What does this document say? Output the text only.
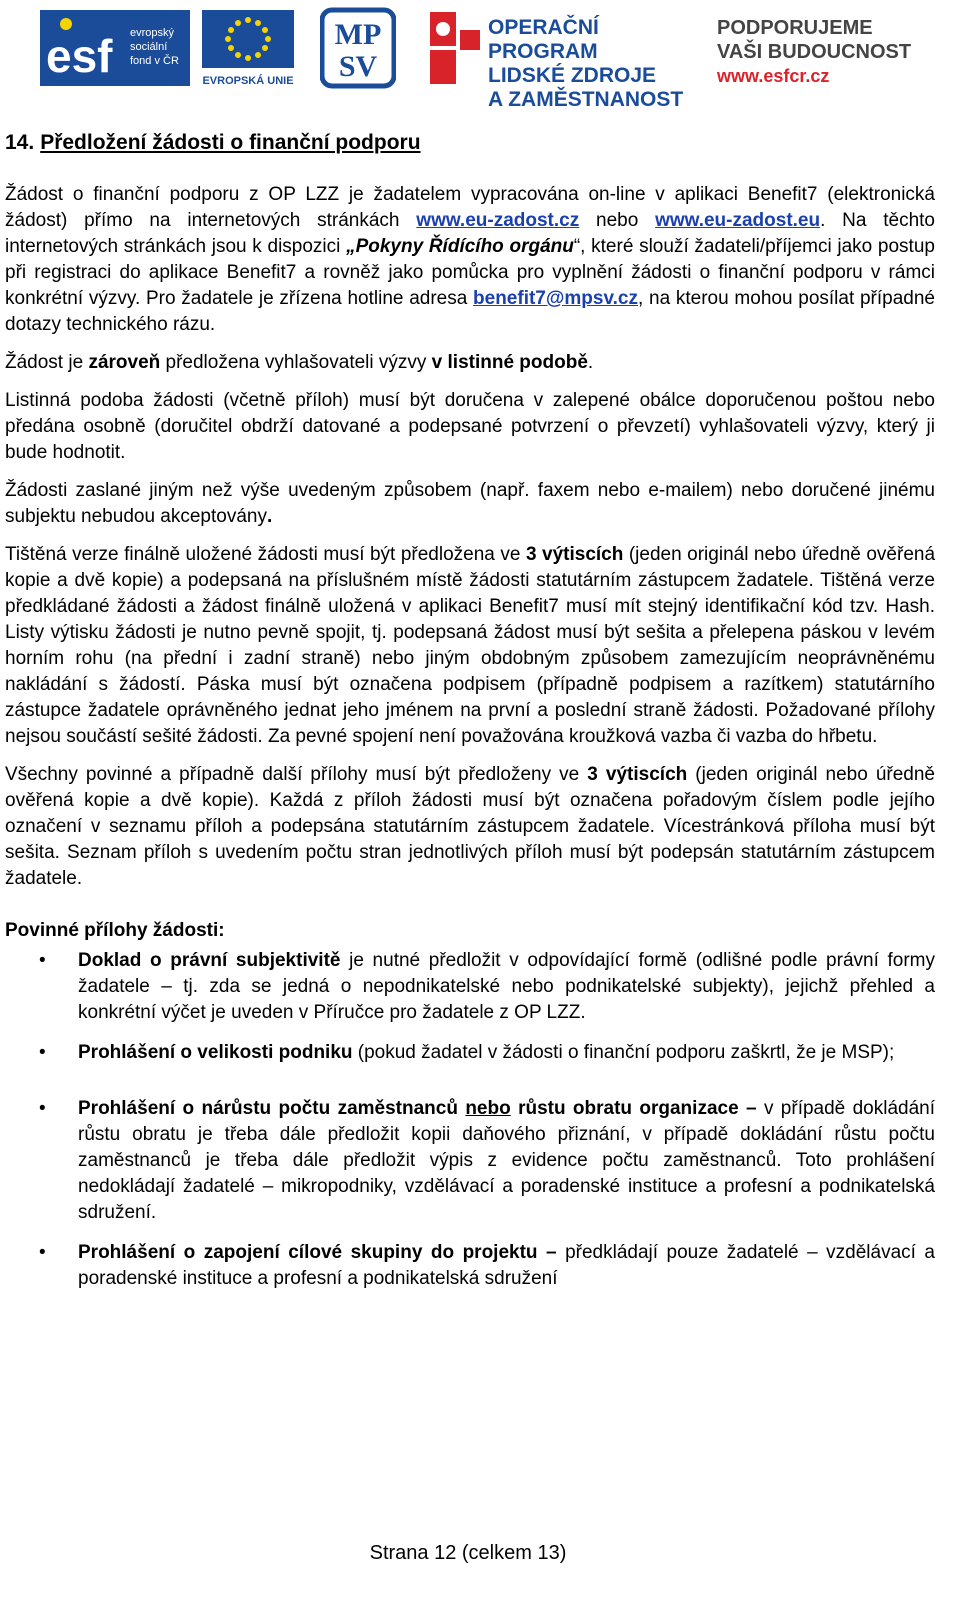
esf evropský
sociální
fond v ČR
EVROPSKÁ UNIE
MP
SV
OPERAČNÍ PROGRAM
LIDSKÉ ZDROJE
A ZAMĚSTNANOST
PODPORUJEME
VAŠI BUDOUCNOST
www.esfcr.cz

14. Předložení žádosti o finanční podporu

Žádost o finanční podporu z OP LZZ je žadatelem vypracována on-line v aplikaci Benefit7 (elektronická žádost) přímo na internetových stránkách www.eu-zadost.cz nebo www.eu-zadost.eu. Na těchto internetových stránkách jsou k dispozici „Pokyny Řídícího orgánu“, které slouží žadateli/příjemci jako postup při registraci do aplikace Benefit7 a rovněž jako pomůcka pro vyplnění žádosti o finanční podporu v rámci konkrétní výzvy. Pro žadatele je zřízena hotline adresa benefit7@mpsv.cz, na kterou mohou posílat případné dotazy technického rázu.

Žádost je zároveň předložena vyhlašovateli výzvy v listinné podobě.

Listinná podoba žádosti (včetně příloh) musí být doručena v zalepené obálce doporučenou poštou nebo předána osobně (doručitel obdrží datované a podepsané potvrzení o převzetí) vyhlašovateli výzvy, který ji bude hodnotit.

Žádosti zaslané jiným než výše uvedeným způsobem (např. faxem nebo e-mailem) nebo doručené jinému subjektu nebudou akceptovány.

Tištěná verze finálně uložené žádosti musí být předložena ve 3 výtiscích (jeden originál nebo úředně ověřená kopie a dvě kopie) a podepsaná na příslušném místě žádosti statutárním zástupcem žadatele. Tištěná verze předkládané žádosti a žádost finálně uložená v aplikaci Benefit7 musí mít stejný identifikační kód tzv. Hash. Listy výtisku žádosti je nutno pevně spojit, tj. podepsaná žádost musí být sešita a přelepena páskou v levém horním rohu (na přední i zadní straně) nebo jiným obdobným způsobem zamezujícím neoprávněnému nakládání s žádostí. Páska musí být označena podpisem (případně podpisem a razítkem) statutárního zástupce žadatele oprávněného jednat jeho jménem na první a poslední straně žádosti. Požadované přílohy nejsou součástí sešité žádosti. Za pevné spojení není považována kroužková vazba či vazba do hřbetu.

Všechny povinné a případně další přílohy musí být předloženy ve 3 výtiscích (jeden originál nebo úředně ověřená kopie a dvě kopie). Každá z příloh žádosti musí být označena pořadovým číslem podle jejího označení v seznamu příloh a podepsána statutárním zástupcem žadatele. Vícestránková příloha musí být sešita. Seznam příloh s uvedením počtu stran jednotlivých příloh musí být podepsán statutárním zástupcem žadatele.

Povinné přílohy žádosti:

• Doklad o právní subjektivitě je nutné předložit v odpovídající formě (odlišné podle právní formy žadatele – tj. zda se jedná o nepodnikatelské nebo podnikatelské subjekty), jejichž přehled a konkrétní výčet je uveden v Příručce pro žadatele z OP LZZ.
• Prohlášení o velikosti podniku (pokud žadatel v žádosti o finanční podporu zaškrtl, že je MSP);
• Prohlášení o nárůstu počtu zaměstnanců nebo růstu obratu organizace – v případě dokládání růstu obratu je třeba dále předložit kopii daňového přiznání, v případě dokládání růstu počtu zaměstnanců je třeba dále předložit výpis z evidence počtu zaměstnanců. Toto prohlášení nedokládají žadatelé – mikropodniky, vzdělávací a poradenské instituce a profesní a podnikatelská sdružení.
• Prohlášení o zapojení cílové skupiny do projektu – předkládají pouze žadatelé – vzdělávací a poradenské instituce a profesní a podnikatelská sdružení
Strana 12 (celkem 13)
